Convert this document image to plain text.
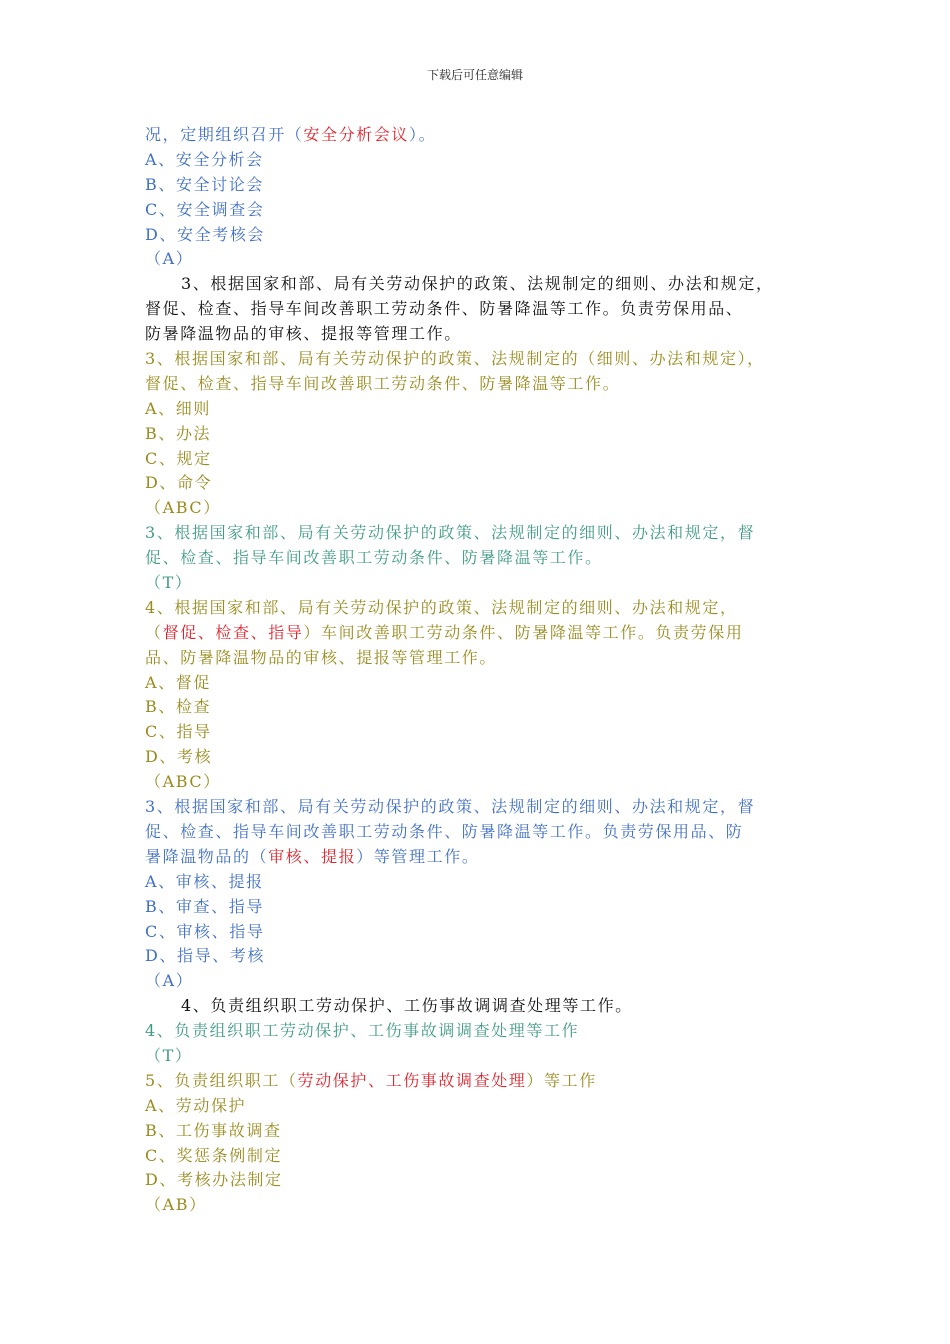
下载后可任意编辑
况，定期组织召开（安全分析会议）。
A、安全分析会
B、安全讨论会
C、安全调查会
D、安全考核会
（A）
3、根据国家和部、局有关劳动保护的政策、法规制定的细则、办法和规定，
督促、检查、指导车间改善职工劳动条件、防暑降温等工作。负责劳保用品、
防暑降温物品的审核、提报等管理工作。
3、根据国家和部、局有关劳动保护的政策、法规制定的（细则、办法和规定），
督促、检查、指导车间改善职工劳动条件、防暑降温等工作。
A、细则
B、办法
C、规定
D、命令
（ABC）
3、根据国家和部、局有关劳动保护的政策、法规制定的细则、办法和规定，督
促、检查、指导车间改善职工劳动条件、防暑降温等工作。
（T）
4、根据国家和部、局有关劳动保护的政策、法规制定的细则、办法和规定，
（督促、检查、指导）车间改善职工劳动条件、防暑降温等工作。负责劳保用
品、防暑降温物品的审核、提报等管理工作。
A、督促
B、检查
C、指导
D、考核
（ABC）
3、根据国家和部、局有关劳动保护的政策、法规制定的细则、办法和规定，督
促、检查、指导车间改善职工劳动条件、防暑降温等工作。负责劳保用品、防
暑降温物品的（审核、提报）等管理工作。
A、审核、提报
B、审查、指导
C、审核、指导
D、指导、考核
（A）
4、负责组织职工劳动保护、工伤事故调调查处理等工作。
4、负责组织职工劳动保护、工伤事故调调查处理等工作
（T）
5、负责组织职工（劳动保护、工伤事故调查处理）等工作
A、劳动保护
B、工伤事故调查
C、奖惩条例制定
D、考核办法制定
（AB）
